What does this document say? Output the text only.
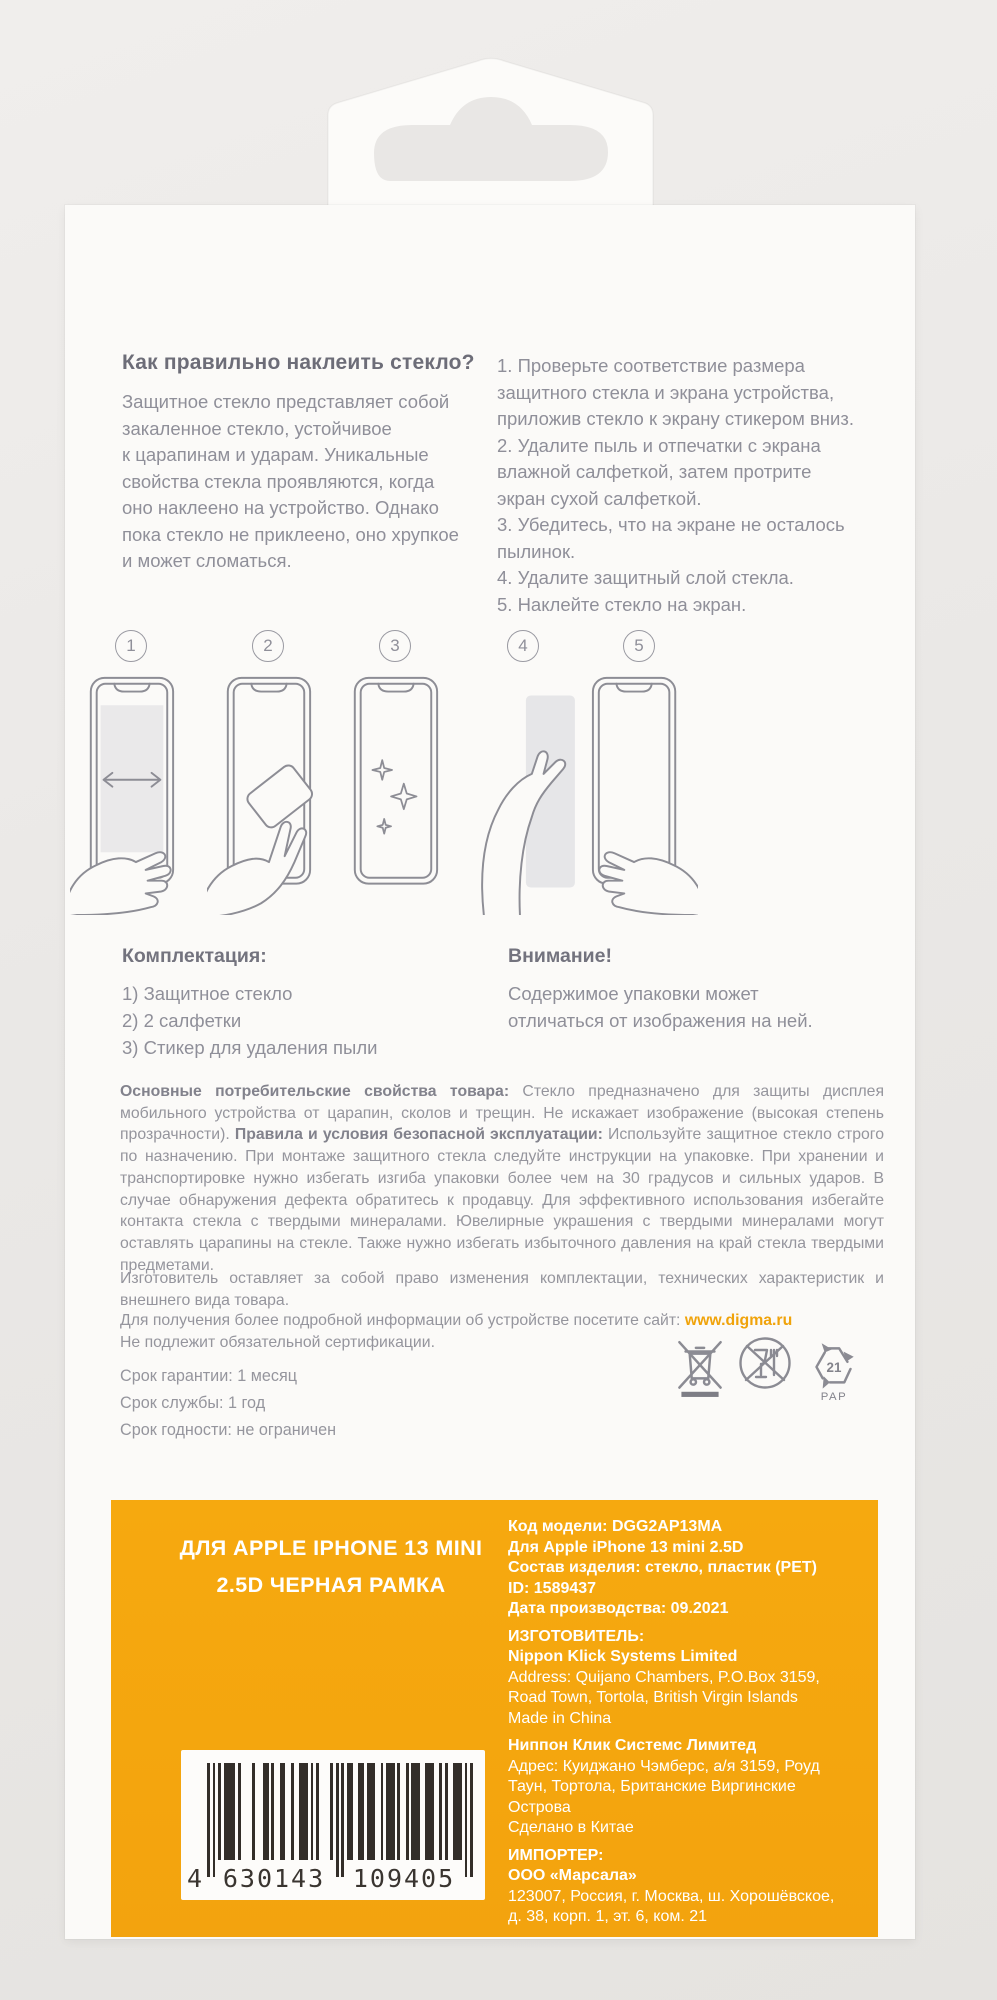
Как правильно наклеить стекло?
Защитное стекло представляет собой
закаленное стекло, устойчивое
к царапинам и ударам. Уникальные
свойства стекла проявляются, когда
оно наклеено на устройство. Однако
пока стекло не приклеено, оно хрупкое
и может сломаться.
1. Проверьте соответствие размера
защитного стекла и экрана устройства,
приложив стекло к экрану стикером вниз.
2. Удалите пыль и отпечатки с экрана
влажной салфеткой, затем протрите
экран сухой салфеткой.
3. Убедитесь, что на экране не осталось
пылинок.
4. Удалите защитный слой стекла.
5. Наклейте стекло на экран.
1	2	3	4	5
Комплектация:
1) Защитное стекло
2) 2 салфетки
3) Стикер для удаления пыли
Внимание!
Содержимое упаковки может
отличаться от изображения на ней.

Основные потребительские свойства товара: Стекло предназначено для защиты дисплея мобильного устройства от царапин, сколов и трещин. Не искажает изображение (высокая степень прозрачности). Правила и условия безопасной эксплуатации: Используйте защитное стекло строго по назначению. При монтаже защитного стекла следуйте инструкции на упаковке. При хранении и транспортировке нужно избегать изгиба упаковки более чем на 30 градусов и сильных ударов. В случае обнаружения дефекта обратитесь к продавцу. Для эффективного использования избегайте контакта стекла с твердыми минералами. Ювелирные украшения с твердыми минералами могут оставлять царапины на стекле. Также нужно избегать избыточного давления на край стекла твердыми предметами.

Изготовитель оставляет за собой право изменения комплектации, технических характеристик и внешнего вида товара.

Для получения более подробной информации об устройстве посетите сайт: www.digma.ru

Не подлежит обязательной сертификации.

Срок гарантии: 1 месяц
Срок службы: 1 год
Срок годности: не ограничен
21
PAP
ДЛЯ APPLE IPHONE 13 MINI
2.5D ЧЕРНАЯ РАМКА
Код модели: DGG2AP13MA
Для Apple iPhone 13 mini 2.5D
Состав изделия: стекло, пластик (PET)
ID: 1589437
Дата производства: 09.2021
ИЗГОТОВИТЕЛЬ:
Nippon Klick Systems Limited
Address: Quijano Chambers, P.O.Box 3159,
Road Town, Tortola, British Virgin Islands
Made in China
Ниппон Клик Системс Лимитед
Адрес: Куиджано Чэмберс, а/я 3159, Роуд
Таун, Тортола, Британские Виргинские
Острова
Сделано в Китае
ИМПОРТЕР:
ООО «Марсала»
123007, Россия, г. Москва, ш. Хорошёвское,
д. 38, корп. 1, эт. 6, ком. 21
4 630143 109405
